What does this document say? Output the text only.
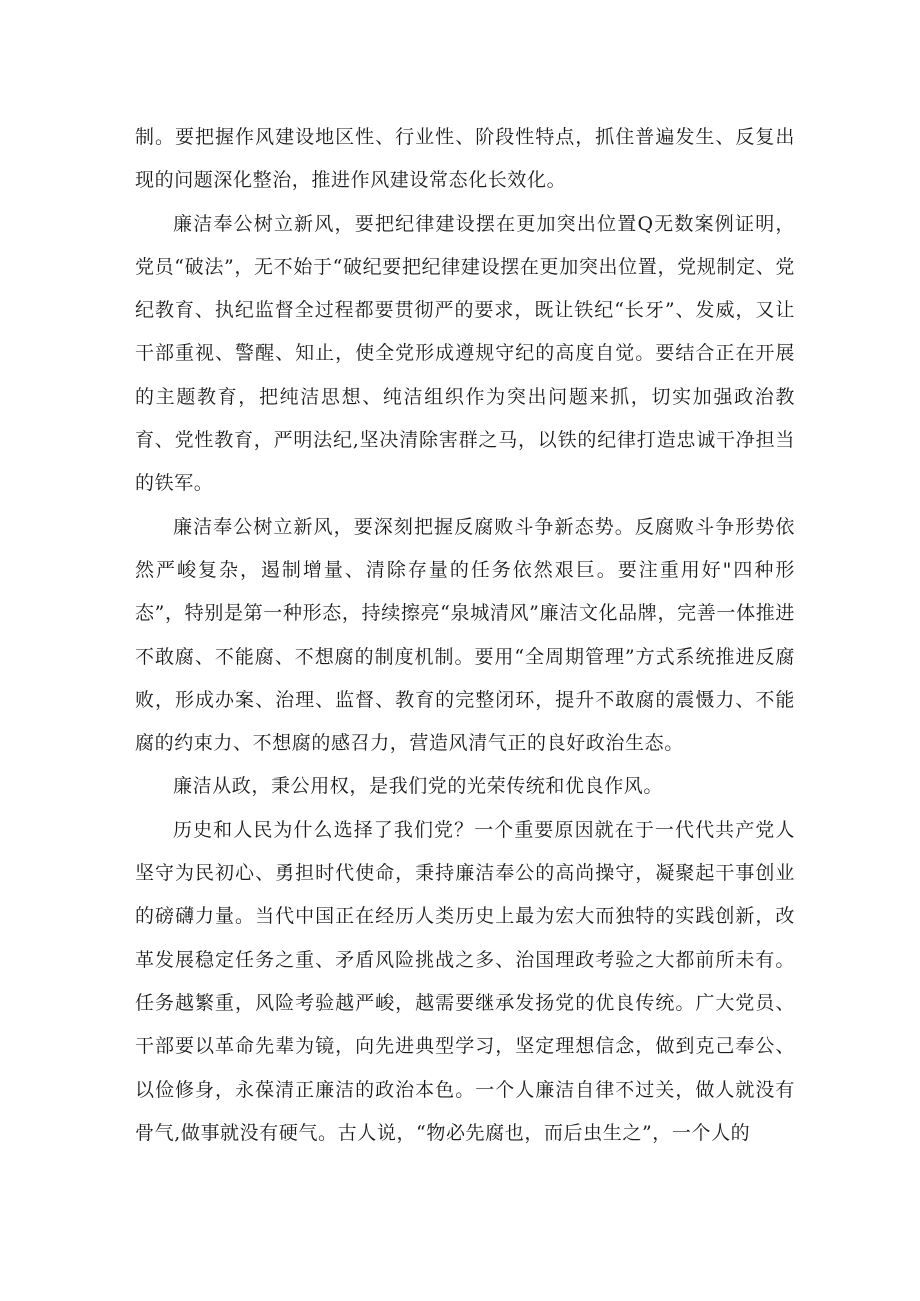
制。要把握作风建设地区性、行业性、阶段性特点，抓住普遍发生、反复出现的问题深化整治，推进作风建设常态化长效化。

廉洁奉公树立新风，要把纪律建设摆在更加突出位置Q无数案例证明，党员“破法”，无不始于“破纪要把纪律建设摆在更加突出位置，党规制定、党纪教育、执纪监督全过程都要贯彻严的要求，既让铁纪“长牙”、发威，又让干部重视、警醒、知止，使全党形成遵规守纪的高度自觉。要结合正在开展的主题教育，把纯洁思想、纯洁组织作为突出问题来抓，切实加强政治教育、党性教育，严明法纪,坚决清除害群之马，以铁的纪律打造忠诚干净担当的铁军。

廉洁奉公树立新风，要深刻把握反腐败斗争新态势。反腐败斗争形势依然严峻复杂，遏制增量、清除存量的任务依然艰巨。要注重用好"四种形态”，特别是第一种形态，持续擦亮“泉城清风”廉洁文化品牌，完善一体推进不敢腐、不能腐、不想腐的制度机制。要用“全周期管理”方式系统推进反腐败，形成办案、治理、监督、教育的完整闭环，提升不敢腐的震慑力、不能腐的约束力、不想腐的感召力，营造风清气正的良好政治生态。

廉洁从政，秉公用权，是我们党的光荣传统和优良作风。

历史和人民为什么选择了我们党？一个重要原因就在于一代代共产党人坚守为民初心、勇担时代使命，秉持廉洁奉公的高尚操守，凝聚起干事创业的磅礴力量。当代中国正在经历人类历史上最为宏大而独特的实践创新，改革发展稳定任务之重、矛盾风险挑战之多、治国理政考验之大都前所未有。任务越繁重，风险考验越严峻，越需要继承发扬党的优良传统。广大党员、干部要以革命先辈为镜，向先进典型学习，坚定理想信念，做到克己奉公、以俭修身，永葆清正廉洁的政治本色。一个人廉洁自律不过关，做人就没有骨气,做事就没有硬气。古人说，“物必先腐也，而后虫生之”，一个人的
